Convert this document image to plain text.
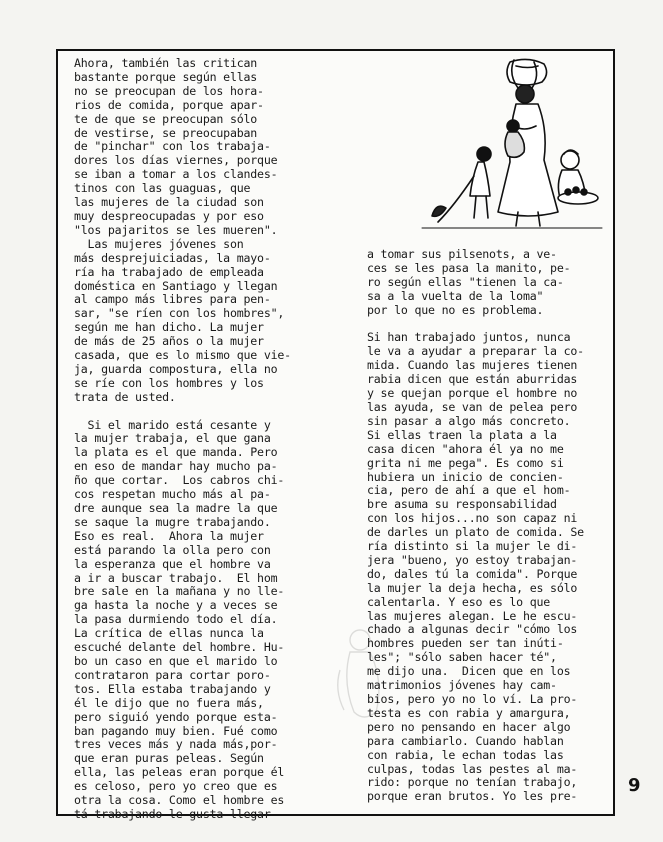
Ahora, también las critican
bastante porque según ellas
no se preocupan de los hora-
rios de comida, porque apar-
te de que se preocupan sólo
de vestirse, se preocupaban
de "pinchar" con los trabaja-
dores los días viernes, porque
se iban a tomar a los clandes-
tinos con las guaguas, que
las mujeres de la ciudad son
muy despreocupadas y por eso
"los pajaritos se les mueren".
Las mujeres jóvenes son
más desprejuiciadas, la mayo-
ría ha trabajado de empleada
doméstica en Santiago y llegan
al campo más libres para pen-
sar, "se ríen con los hombres",
según me han dicho. La mujer
de más de 25 años o la mujer
casada, que es lo mismo que vie-
ja, guarda compostura, ella no
se ríe con los hombres y los
trata de usted.

Si el marido está cesante y
la mujer trabaja, el que gana
la plata es el que manda. Pero
en eso de mandar hay mucho pa-
ño que cortar.  Los cabros chi-
cos respetan mucho más al pa-
dre aunque sea la madre la que
se saque la mugre trabajando.
Eso es real.  Ahora la mujer
está parando la olla pero con
la esperanza que el hombre va
a ir a buscar trabajo.  El hom
bre sale en la mañana y no lle-
ga hasta la noche y a veces se
la pasa durmiendo todo el día.
La crítica de ellas nunca la
escuché delante del hombre. Hu-
bo un caso en que el marido lo
contrataron para cortar poro-
tos. Ella estaba trabajando y
él le dijo que no fuera más,
pero siguió yendo porque esta-
ban pagando muy bien. Fué como
tres veces más y nada más,por-
que eran puras peleas. Según
ella, las peleas eran porque él
es celoso, pero yo creo que es
otra la cosa. Como el hombre es
tá trabajando le gusta llegar
a tomar sus pilsenots, a ve-
ces se les pasa la manito, pe-
ro según ellas "tienen la ca-
sa a la vuelta de la loma"
por lo que no es problema.

Si han trabajado juntos, nunca
le va a ayudar a preparar la co-
mida. Cuando las mujeres tienen
rabia dicen que están aburridas
y se quejan porque el hombre no
las ayuda, se van de pelea pero
sin pasar a algo más concreto.
Si ellas traen la plata a la
casa dicen "ahora él ya no me
grita ni me pega". Es como si
hubiera un inicio de concien-
cia, pero de ahí a que el hom-
bre asuma su responsabilidad
con los hijos...no son capaz ni
de darles un plato de comida. Se
ría distinto si la mujer le di-
jera "bueno, yo estoy trabajan-
do, dales tú la comida". Porque
la mujer la deja hecha, es sólo
calentarla. Y eso es lo que
las mujeres alegan. Le he escu-
chado a algunas decir "cómo los
hombres pueden ser tan inúti-
les"; "sólo saben hacer té",
me dijo una.  Dicen que en los
matrimonios jóvenes hay cam-
bios, pero yo no lo ví. La pro-
testa es con rabia y amargura,
pero no pensando en hacer algo
para cambiarlo. Cuando hablan
con rabia, le echan todas las
culpas, todas las pestes al ma-
rido: porque no tenían trabajo,
porque eran brutos. Yo les pre-
9
